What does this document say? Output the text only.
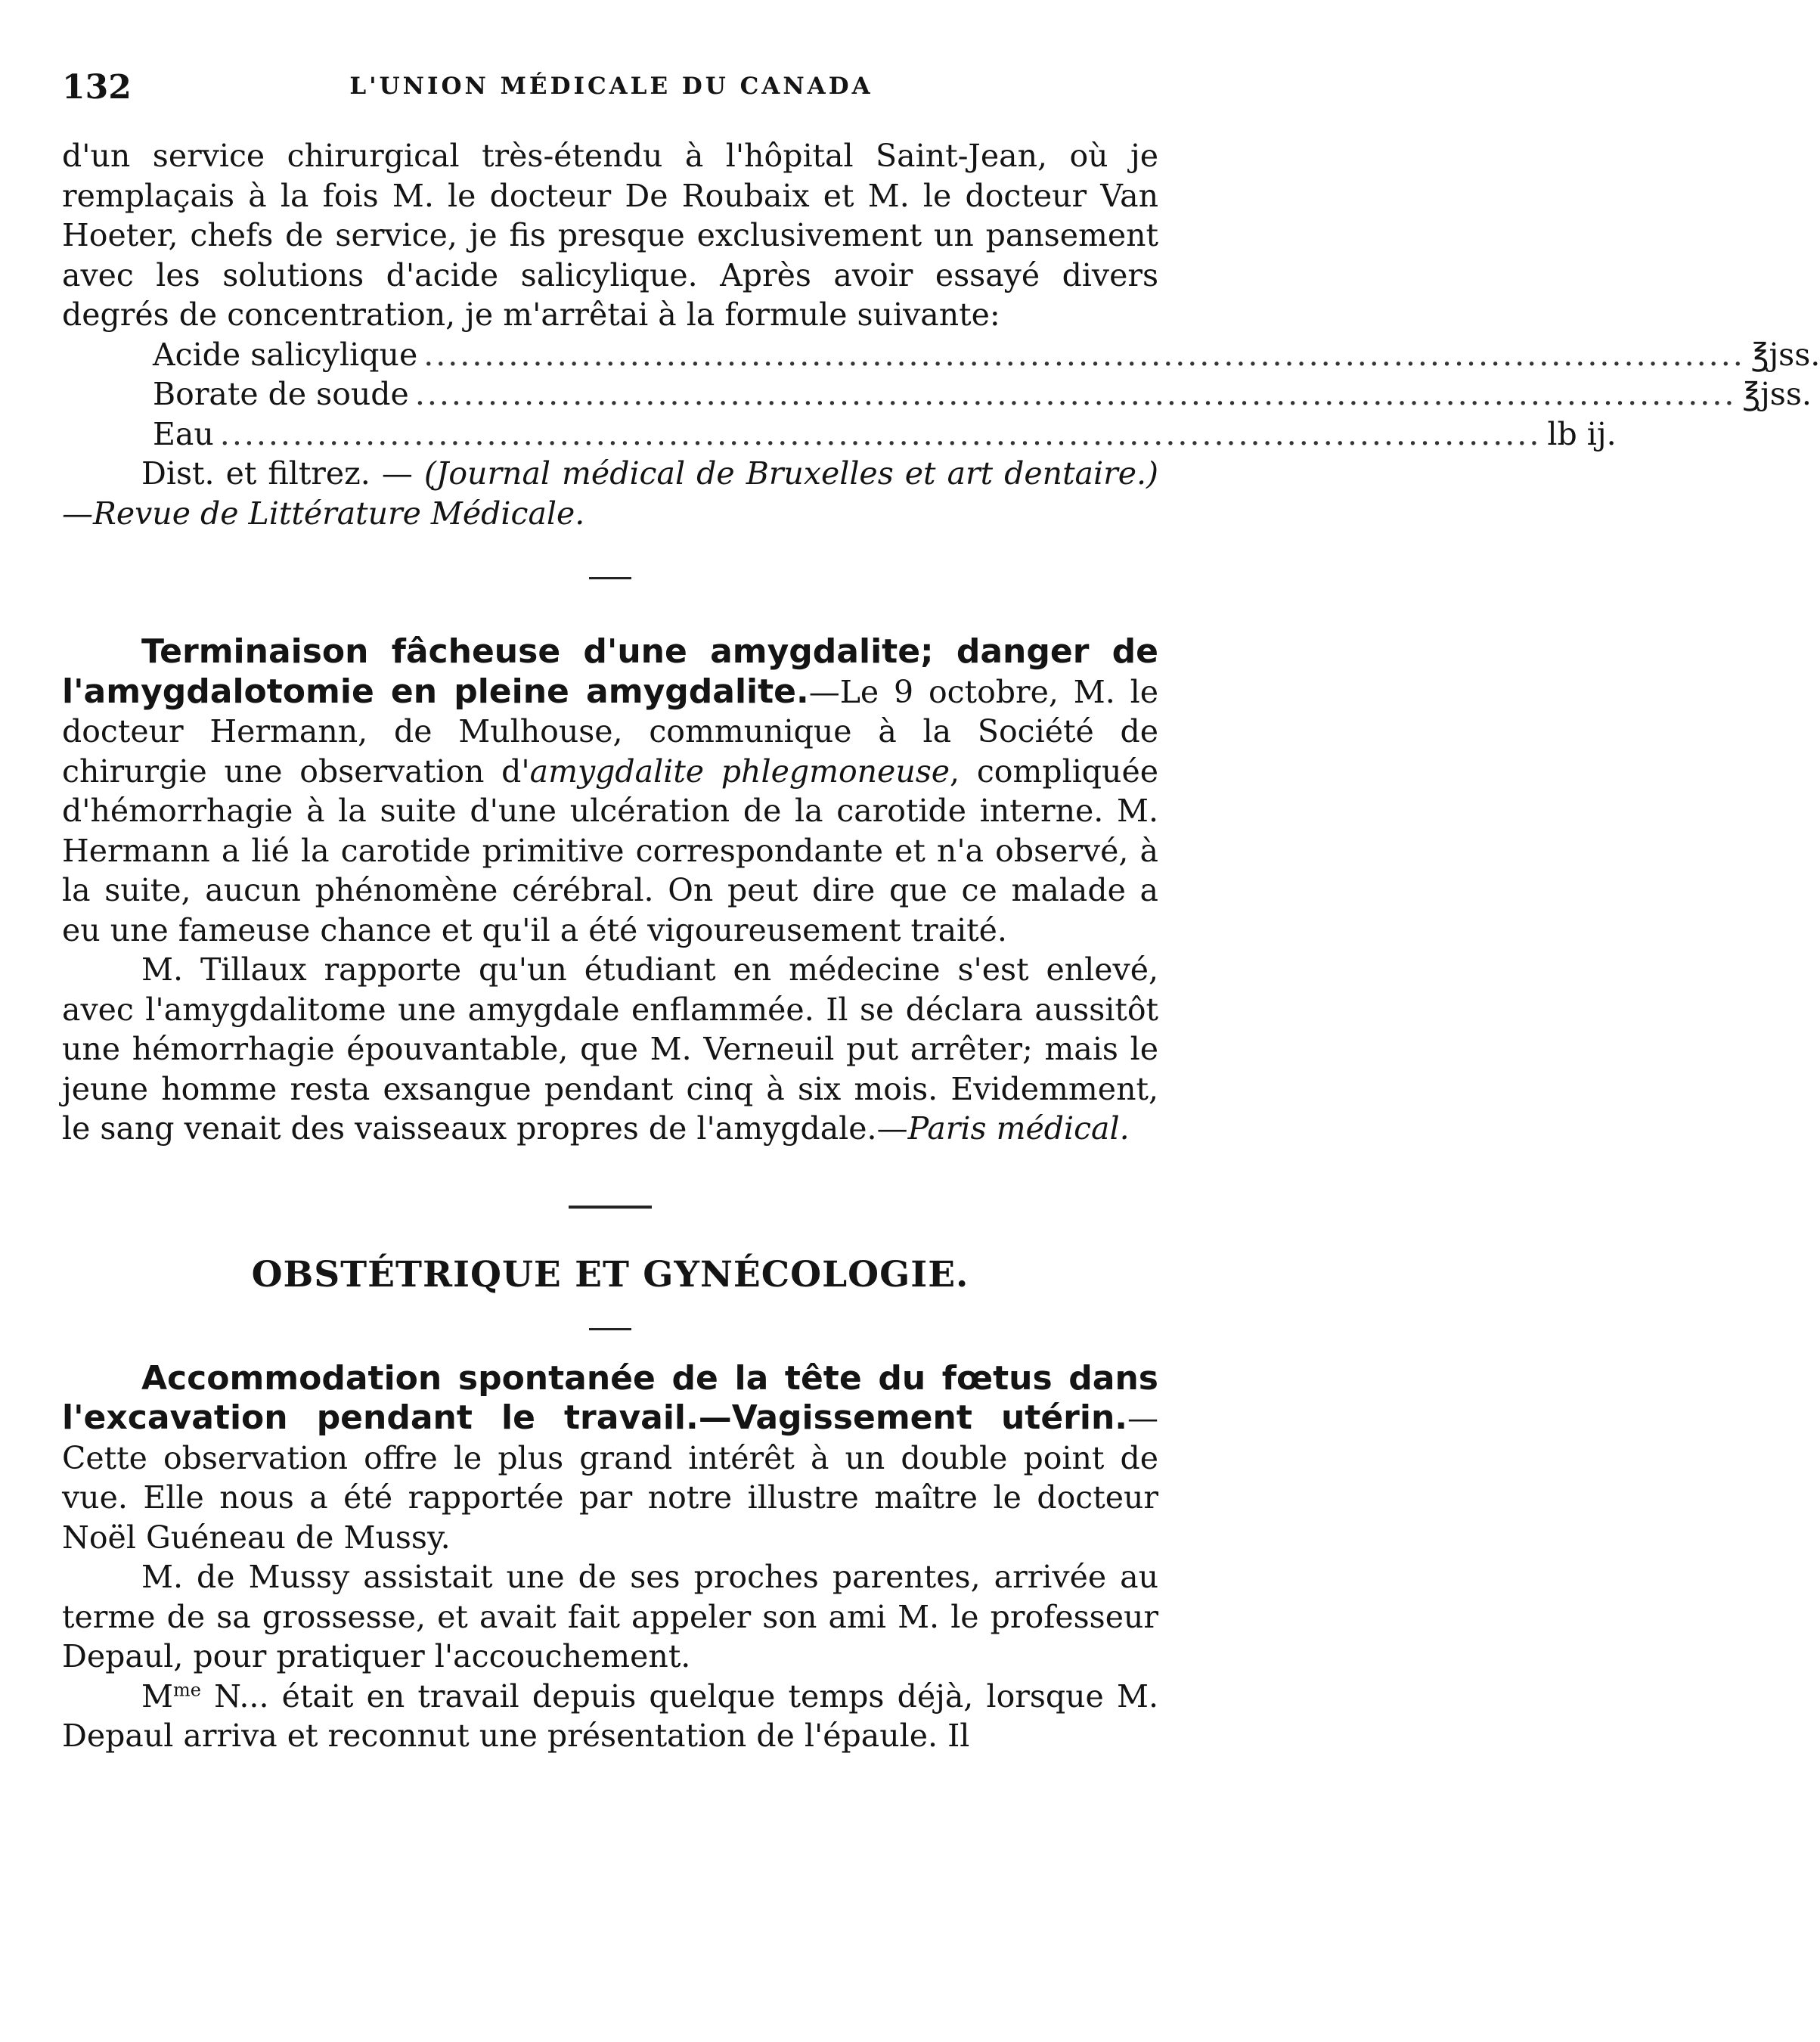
132	L'UNION MÉDICALE DU CANADA

d'un service chirurgical très-étendu à l'hôpital Saint-Jean, où je remplaçais à la fois M. le docteur De Roubaix et M. le docteur Van Hoeter, chefs de service, je fis presque exclusivement un pansement avec les solutions d'acide salicylique. Après avoir essayé divers degrés de concentration, je m'arrêtai à la formule suivante:

Acide salicylique ............................................................................................................. ℥jss.
Borate de soude ............................................................................................................. ℥jss.
Eau ............................................................................................................. lb ij.

Dist. et filtrez. — (Journal médical de Bruxelles et art dentaire.)—Revue de Littérature Médicale.

Terminaison fâcheuse d'une amygdalite; danger de l'amygdalotomie en pleine amygdalite.—Le 9 octobre, M. le docteur Hermann, de Mulhouse, communique à la Société de chirurgie une observation d'amygdalite phlegmoneuse, compliquée d'hémorrhagie à la suite d'une ulcération de la carotide interne. M. Hermann a lié la carotide primitive correspondante et n'a observé, à la suite, aucun phénomène cérébral. On peut dire que ce malade a eu une fameuse chance et qu'il a été vigoureusement traité.

M. Tillaux rapporte qu'un étudiant en médecine s'est enlevé, avec l'amygdalitome une amygdale enflammée. Il se déclara aussitôt une hémorrhagie épouvantable, que M. Verneuil put arrêter; mais le jeune homme resta exsangue pendant cinq à six mois. Evidemment, le sang venait des vaisseaux propres de l'amygdale.—Paris médical.

OBSTÉTRIQUE ET GYNÉCOLOGIE.

Accommodation spontanée de la tête du fœtus dans l'excavation pendant le travail.—Vagissement utérin.—Cette observation offre le plus grand intérêt à un double point de vue. Elle nous a été rapportée par notre illustre maître le docteur Noël Guéneau de Mussy.

M. de Mussy assistait une de ses proches parentes, arrivée au terme de sa grossesse, et avait fait appeler son ami M. le professeur Depaul, pour pratiquer l'accouchement.

$M^{me}$ N... était en travail depuis quelque temps déjà, lorsque M. Depaul arriva et reconnut une présentation de l'épaule. Il
